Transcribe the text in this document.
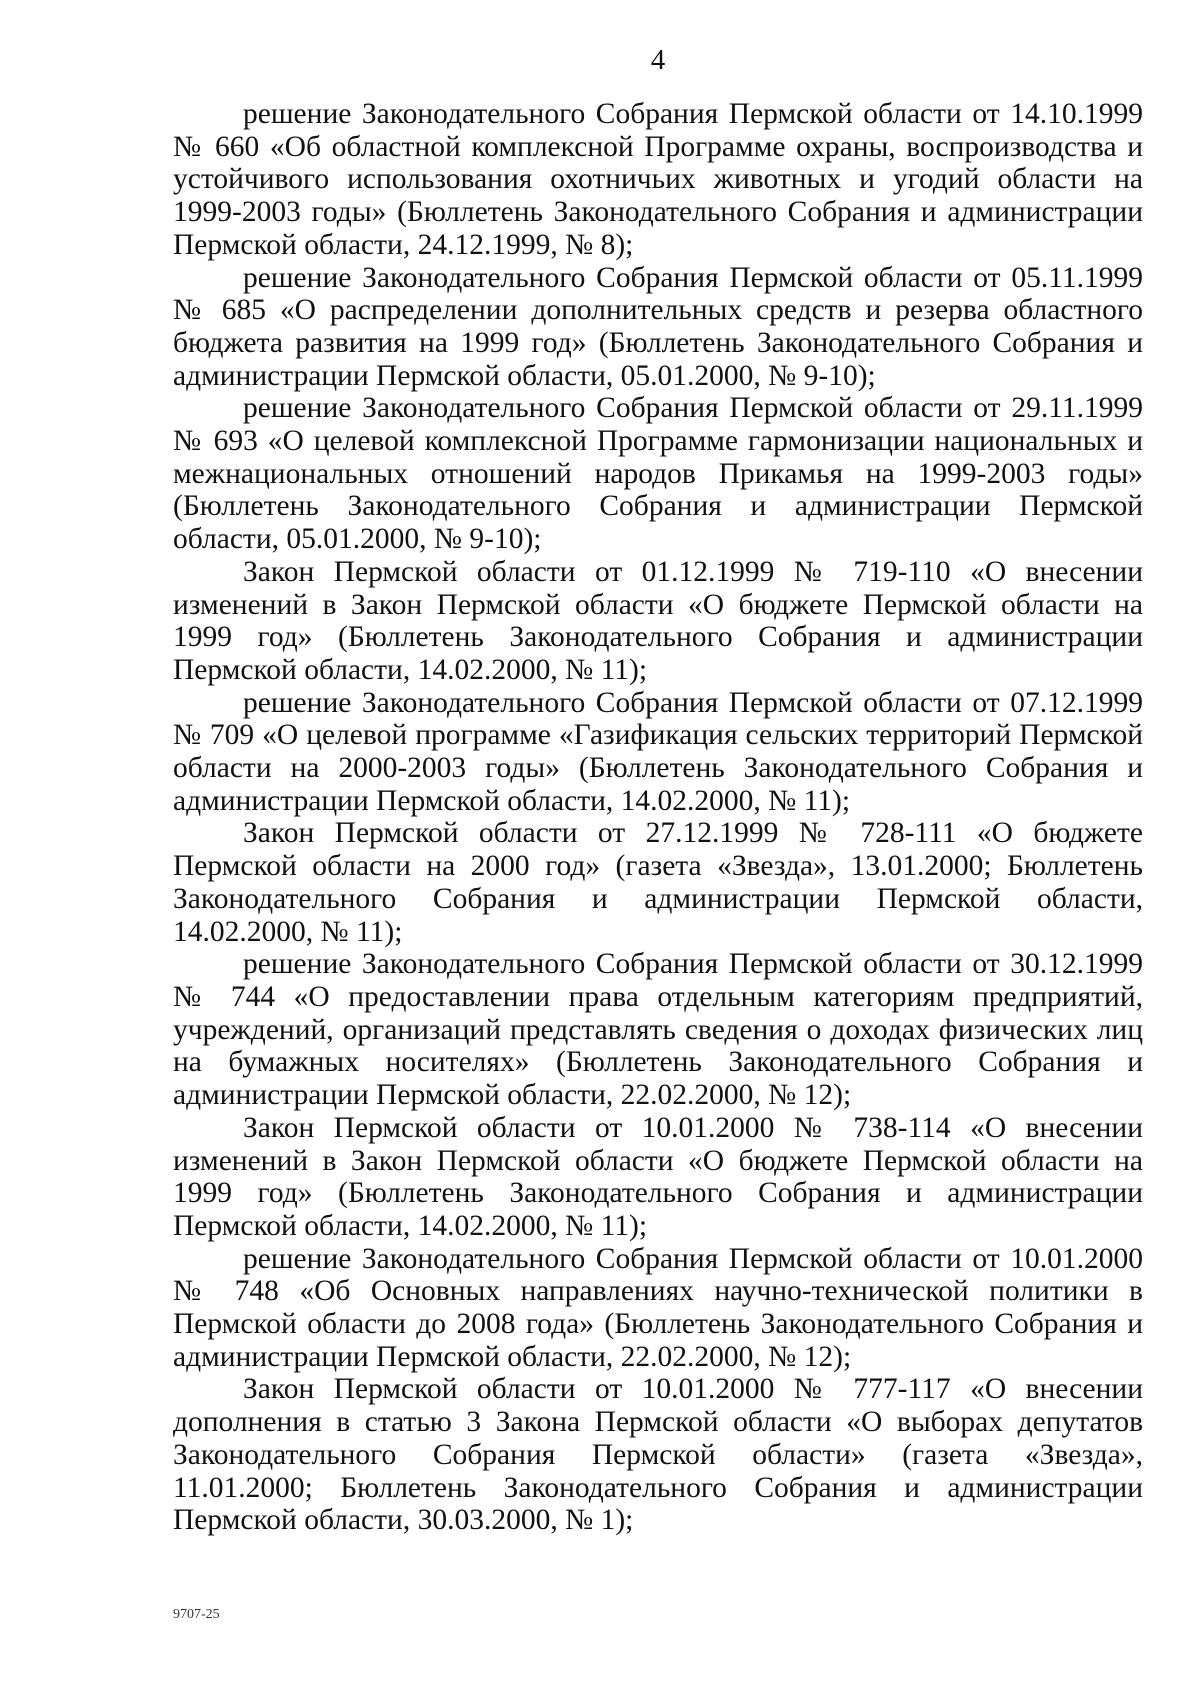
4

решение Законодательного Собрания Пермской области от 14.10.1999 № 660 «Об областной комплексной Программе охраны, воспроизводства и устойчивого использования охотничьих животных и угодий области на 1999-2003 годы» (Бюллетень Законодательного Собрания и администрации Пермской области, 24.12.1999, № 8);

решение Законодательного Собрания Пермской области от 05.11.1999 № 685 «О распределении дополнительных средств и резерва областного бюджета развития на 1999 год» (Бюллетень Законодательного Собрания и администрации Пермской области, 05.01.2000, № 9-10);

решение Законодательного Собрания Пермской области от 29.11.1999 № 693 «О целевой комплексной Программе гармонизации национальных и межнациональных отношений народов Прикамья на 1999-2003 годы» (Бюллетень Законодательного Собрания и администрации Пермской области, 05.01.2000, № 9-10);

Закон Пермской области от 01.12.1999 № 719-110 «О внесении изменений в Закон Пермской области «О бюджете Пермской области на 1999 год» (Бюллетень Законодательного Собрания и администрации Пермской области, 14.02.2000, № 11);

решение Законодательного Собрания Пермской области от 07.12.1999 № 709 «О целевой программе «Газификация сельских территорий Пермской области на 2000-2003 годы» (Бюллетень Законодательного Собрания и администрации Пермской области, 14.02.2000, № 11);

Закон Пермской области от 27.12.1999 № 728-111 «О бюджете Пермской области на 2000 год» (газета «Звезда», 13.01.2000; Бюллетень Законодательного Собрания и администрации Пермской области, 14.02.2000, № 11);

решение Законодательного Собрания Пермской области от 30.12.1999 № 744 «О предоставлении права отдельным категориям предприятий, учреждений, организаций представлять сведения о доходах физических лиц на бумажных носителях» (Бюллетень Законодательного Собрания и администрации Пермской области, 22.02.2000, № 12);

Закон Пермской области от 10.01.2000 № 738-114 «О внесении изменений в Закон Пермской области «О бюджете Пермской области на 1999 год» (Бюллетень Законодательного Собрания и администрации Пермской области, 14.02.2000, № 11);

решение Законодательного Собрания Пермской области от 10.01.2000 № 748 «Об Основных направлениях научно-технической политики в Пермской области до 2008 года» (Бюллетень Законодательного Собрания и администрации Пермской области, 22.02.2000, № 12);

Закон Пермской области от 10.01.2000 № 777-117 «О внесении дополнения в статью 3 Закона Пермской области «О выборах депутатов Законодательного Собрания Пермской области» (газета «Звезда», 11.01.2000; Бюллетень Законодательного Собрания и администрации Пермской области, 30.03.2000, № 1);

9707-25
